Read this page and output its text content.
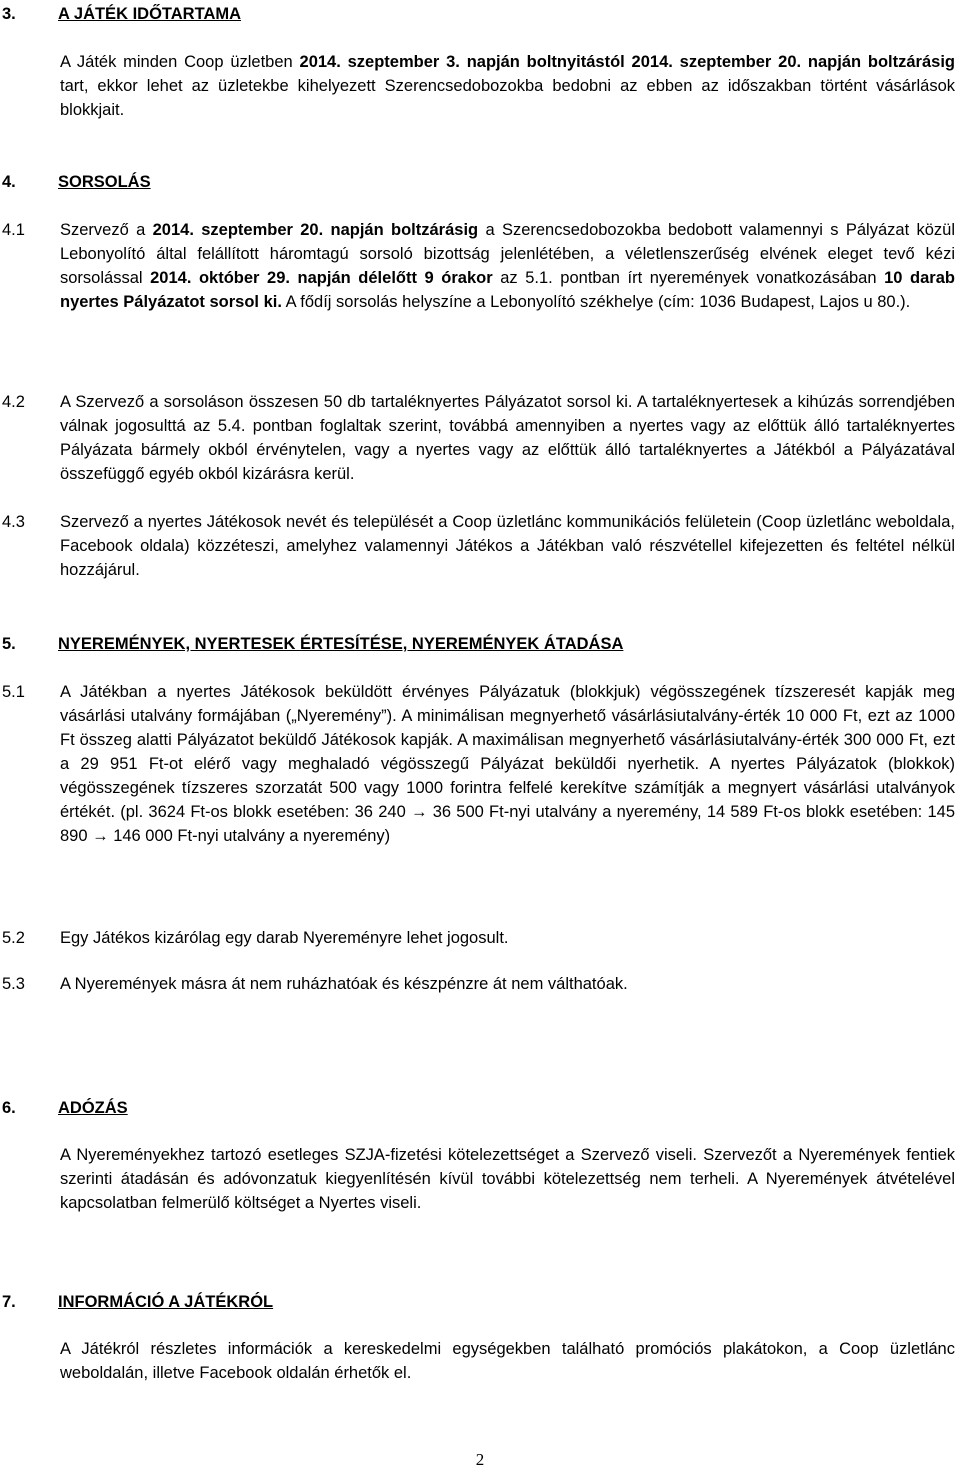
3.	A JÁTÉK IDŐTARTAMA

A Játék minden Coop üzletben 2014. szeptember 3. napján boltnyitástól 2014. szeptember 20. napján boltzárásig tart, ekkor lehet az üzletekbe kihelyezett Szerencsedobozokba bedobni az ebben az időszakban történt vásárlások blokkjait.

4.	SORSOLÁS
4.1	Szervező a 2014. szeptember 20. napján boltzárásig a Szerencsedobozokba bedobott valamennyi s Pályázat közül Lebonyolító által felállított háromtagú sorsoló bizottság jelenlétében, a véletlenszerűség elvének eleget tevő kézi sorsolással 2014. október 29. napján délelőtt 9 órakor az 5.1. pontban írt nyeremények vonatkozásában 10 darab nyertes Pályázatot sorsol ki. A fődíj sorsolás helyszíne a Lebonyolító székhelye (cím: 1036 Budapest, Lajos u 80.).
4.2	A Szervező a sorsoláson összesen 50 db tartaléknyertes Pályázatot sorsol ki. A tartaléknyertesek a kihúzás sorrendjében válnak jogosulttá az 5.4. pontban foglaltak szerint, továbbá amennyiben a nyertes vagy az előttük álló tartaléknyertes Pályázata bármely okból érvénytelen, vagy a nyertes vagy az előttük álló tartaléknyertes a Játékból a Pályázatával összefüggő egyéb okból kizárásra kerül.
4.3	Szervező a nyertes Játékosok nevét és települését a Coop üzletlánc kommunikációs felületein (Coop üzletlánc weboldala, Facebook oldala) közzéteszi, amelyhez valamennyi Játékos a Játékban való részvétellel kifejezetten és feltétel nélkül hozzájárul.
5.	NYEREMÉNYEK, NYERTESEK ÉRTESÍTÉSE, NYEREMÉNYEK ÁTADÁSA
5.1	A Játékban a nyertes Játékosok beküldött érvényes Pályázatuk (blokkjuk) végösszegének tízszeresét kapják meg vásárlási utalvány formájában („Nyeremény”). A minimálisan megnyerhető vásárlásiutalvány-érték 10 000 Ft, ezt az 1000 Ft összeg alatti Pályázatot beküldő Játékosok kapják. A maximálisan megnyerhető vásárlásiutalvány-érték 300 000 Ft, ezt a 29 951 Ft-ot elérő vagy meghaladó végösszegű Pályázat beküldői nyerhetik. A nyertes Pályázatok (blokkok) végösszegének tízszeres szorzatát 500 vagy 1000 forintra felfelé kerekítve számítják a megnyert vásárlási utalványok értékét. (pl. 3624 Ft-os blokk esetében: 36 240 → 36 500 Ft-nyi utalvány a nyeremény, 14 589 Ft-os blokk esetében: 145 890 → 146 000 Ft-nyi utalvány a nyeremény)
5.2	Egy Játékos kizárólag egy darab Nyereményre lehet jogosult.
5.3	A Nyeremények másra át nem ruházhatóak és készpénzre át nem válthatóak.
6.	ADÓZÁS

A Nyereményekhez tartozó esetleges SZJA-fizetési kötelezettséget a Szervező viseli. Szervezőt a Nyeremények fentiek szerinti átadásán és adóvonzatuk kiegyenlítésén kívül további kötelezettség nem terheli. A Nyeremények átvételével kapcsolatban felmerülő költséget a Nyertes viseli.

7.	INFORMÁCIÓ A JÁTÉKRÓL

A Játékról részletes információk a kereskedelmi egységekben található promóciós plakátokon, a Coop üzletlánc weboldalán, illetve Facebook oldalán érhetők el.

2
